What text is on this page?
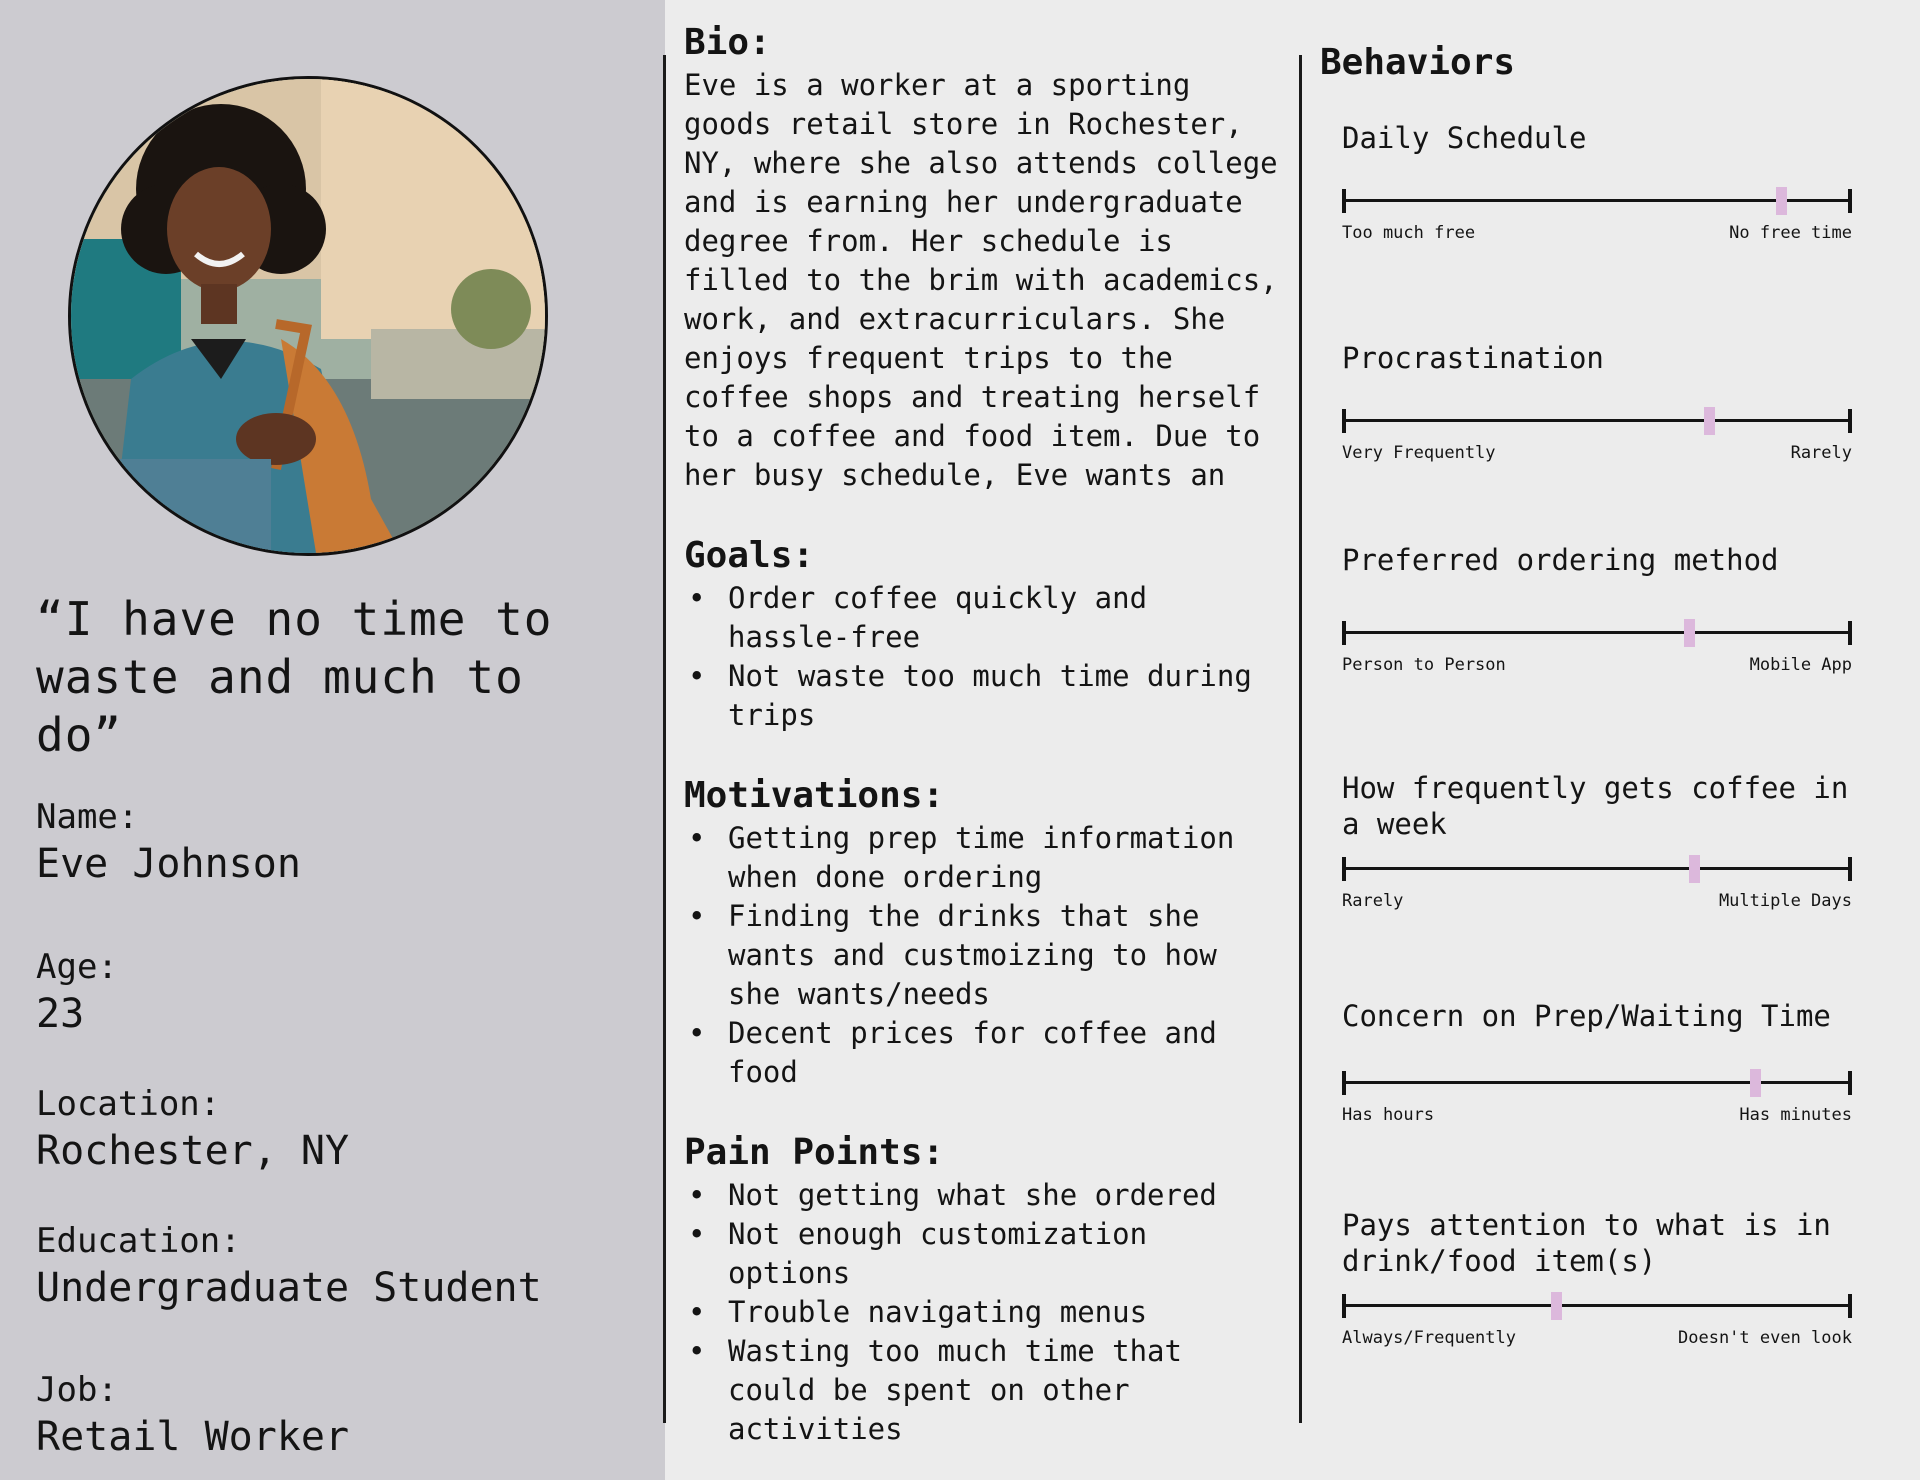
“I have no time to waste and much to do”

Name:
Eve Johnson
Age:
23
Location:
Rochester, NY
Education:
Undergraduate Student
Job:
Retail Worker
Bio:

Eve is a worker at a sporting goods retail store in Rochester, NY, where she also attends college and is earning her undergraduate degree from. Her schedule is filled to the brim with academics, work, and extracurriculars. She enjoys frequent trips to the coffee shops and treating herself to a coffee and food item. Due to her busy schedule, Eve wants an

Goals:
• Order coffee quickly and hassle-free
• Not waste too much time during trips
Motivations:
• Getting prep time information when done ordering
• Finding the drinks that she wants and custmoizing to how she wants/needs
• Decent prices for coffee and food
Pain Points:
• Not getting what she ordered
• Not enough customization options
• Trouble navigating menus
• Wasting too much time that could be spent on other activities
Behaviors

Daily Schedule

Too much free	No free time

Procrastination

Very Frequently	Rarely

Preferred ordering method

Person to Person	Mobile App

How frequently gets coffee in a week

Rarely	Multiple Days

Concern on Prep/Waiting Time

Has hours	Has minutes

Pays attention to what is in drink/food item(s)

Always/Frequently	Doesn't even look
